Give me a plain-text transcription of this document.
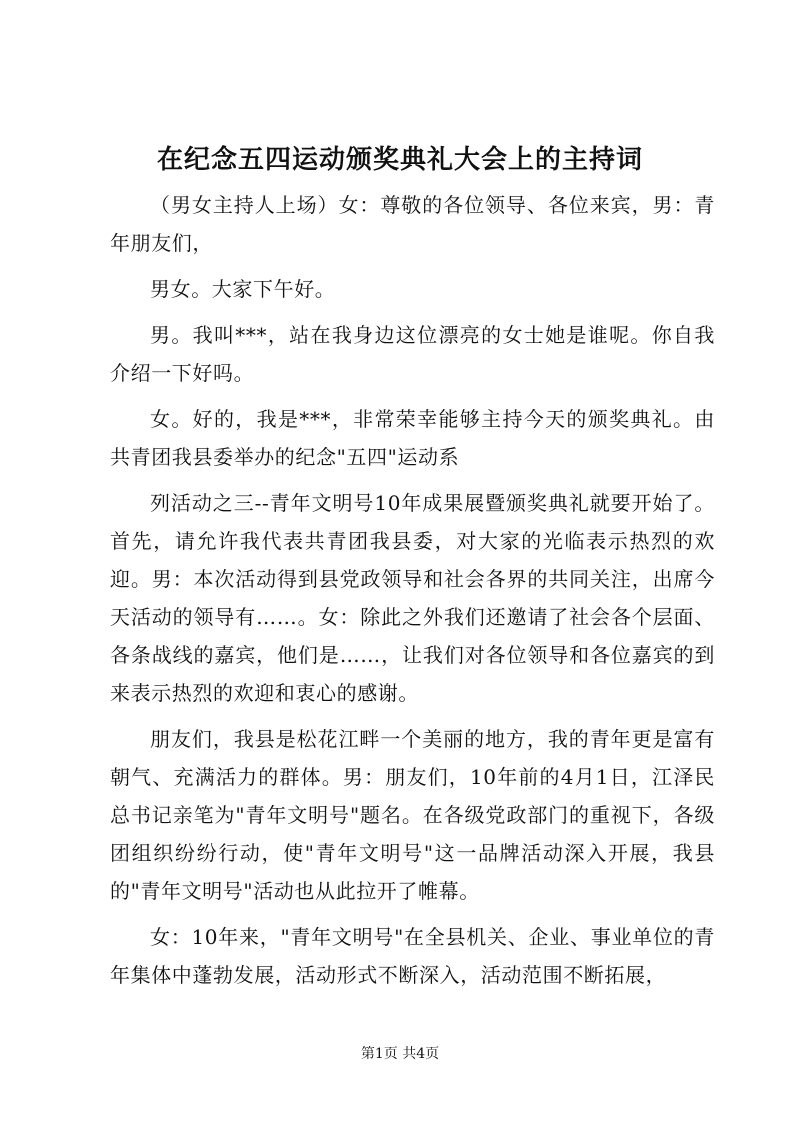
在纪念五四运动颁奖典礼大会上的主持词

（男女主持人上场）女：尊敬的各位领导、各位来宾，男：青年朋友们，

男女。大家下午好。

男。我叫***，站在我身边这位漂亮的女士她是谁呢。你自我介绍一下好吗。

女。好的，我是***，非常荣幸能够主持今天的颁奖典礼。由共青团我县委举办的纪念"五四"运动系

列活动之三--青年文明号10年成果展暨颁奖典礼就要开始了。首先，请允许我代表共青团我县委，对大家的光临表示热烈的欢迎。男：本次活动得到县党政领导和社会各界的共同关注，出席今天活动的领导有……。女：除此之外我们还邀请了社会各个层面、各条战线的嘉宾，他们是……，让我们对各位领导和各位嘉宾的到来表示热烈的欢迎和衷心的感谢。

朋友们，我县是松花江畔一个美丽的地方，我的青年更是富有朝气、充满活力的群体。男：朋友们，10年前的4月1日，江泽民总书记亲笔为"青年文明号"题名。在各级党政部门的重视下，各级团组织纷纷行动，使"青年文明号"这一品牌活动深入开展，我县的"青年文明号"活动也从此拉开了帷幕。

女：10年来，"青年文明号"在全县机关、企业、事业单位的青年集体中蓬勃发展，活动形式不断深入，活动范围不断拓展，

第1页 共4页
